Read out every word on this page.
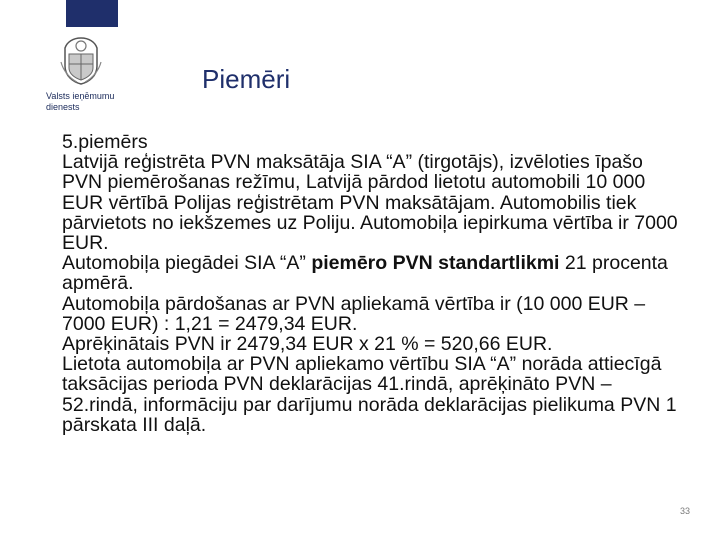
Valsts ieņēmumu
dienests
Piemēri

5.piemērs

Latvijā reģistrēta PVN maksātāja SIA “A” (tirgotājs), izvēloties īpašo PVN piemērošanas režīmu, Latvijā pārdod lietotu automobili 10 000 EUR vērtībā Polijas reģistrētam PVN maksātājam. Automobilis tiek pārvietots no iekšzemes uz Poliju. Automobiļa iepirkuma vērtība ir 7000 EUR.

Automobiļa piegādei SIA “A” piemēro PVN standartlikmi 21 procenta apmērā.

Automobiļa pārdošanas ar PVN apliekamā vērtība ir (10 000 EUR – 7000 EUR) : 1,21 = 2479,34 EUR.

Aprēķinātais PVN ir 2479,34 EUR x 21 % = 520,66 EUR.

Lietota automobiļa ar PVN apliekamo vērtību SIA “A” norāda attiecīgā taksācijas perioda PVN deklarācijas 41.rindā, aprēķināto PVN – 52.rindā, informāciju par darījumu norāda deklarācijas pielikuma PVN 1 pārskata III daļā.

33
